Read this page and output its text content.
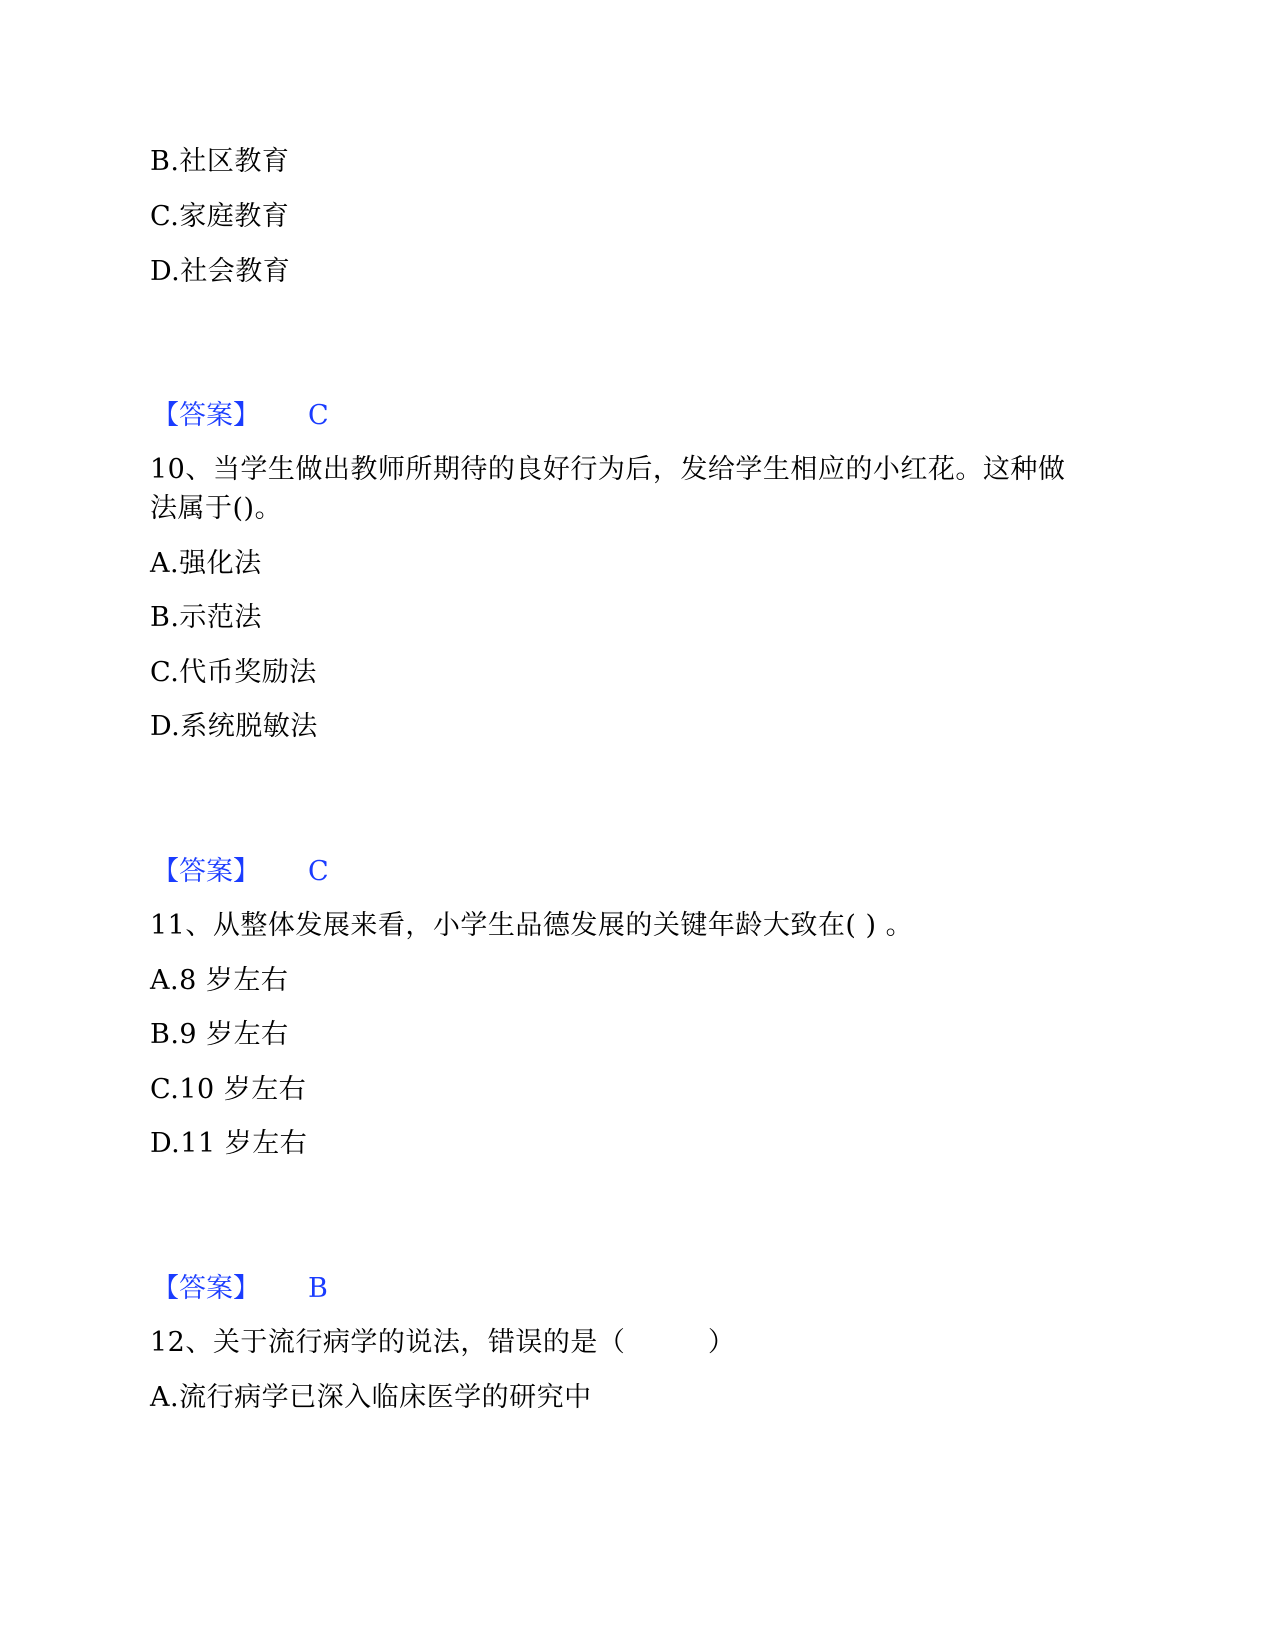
B.社区教育
C.家庭教育
D.社会教育
【答案】 C
10、当学生做出教师所期待的良好行为后，发给学生相应的小红花。这种做
法属于()。
A.强化法
B.示范法
C.代币奖励法
D.系统脱敏法
【答案】 C
11、从整体发展来看，小学生品德发展的关键年龄大致在( ) 。
A.8 岁左右
B.9 岁左右
C.10 岁左右
D.11 岁左右
【答案】 B
12、关于流行病学的说法，错误的是（　　　）
A.流行病学已深入临床医学的研究中
